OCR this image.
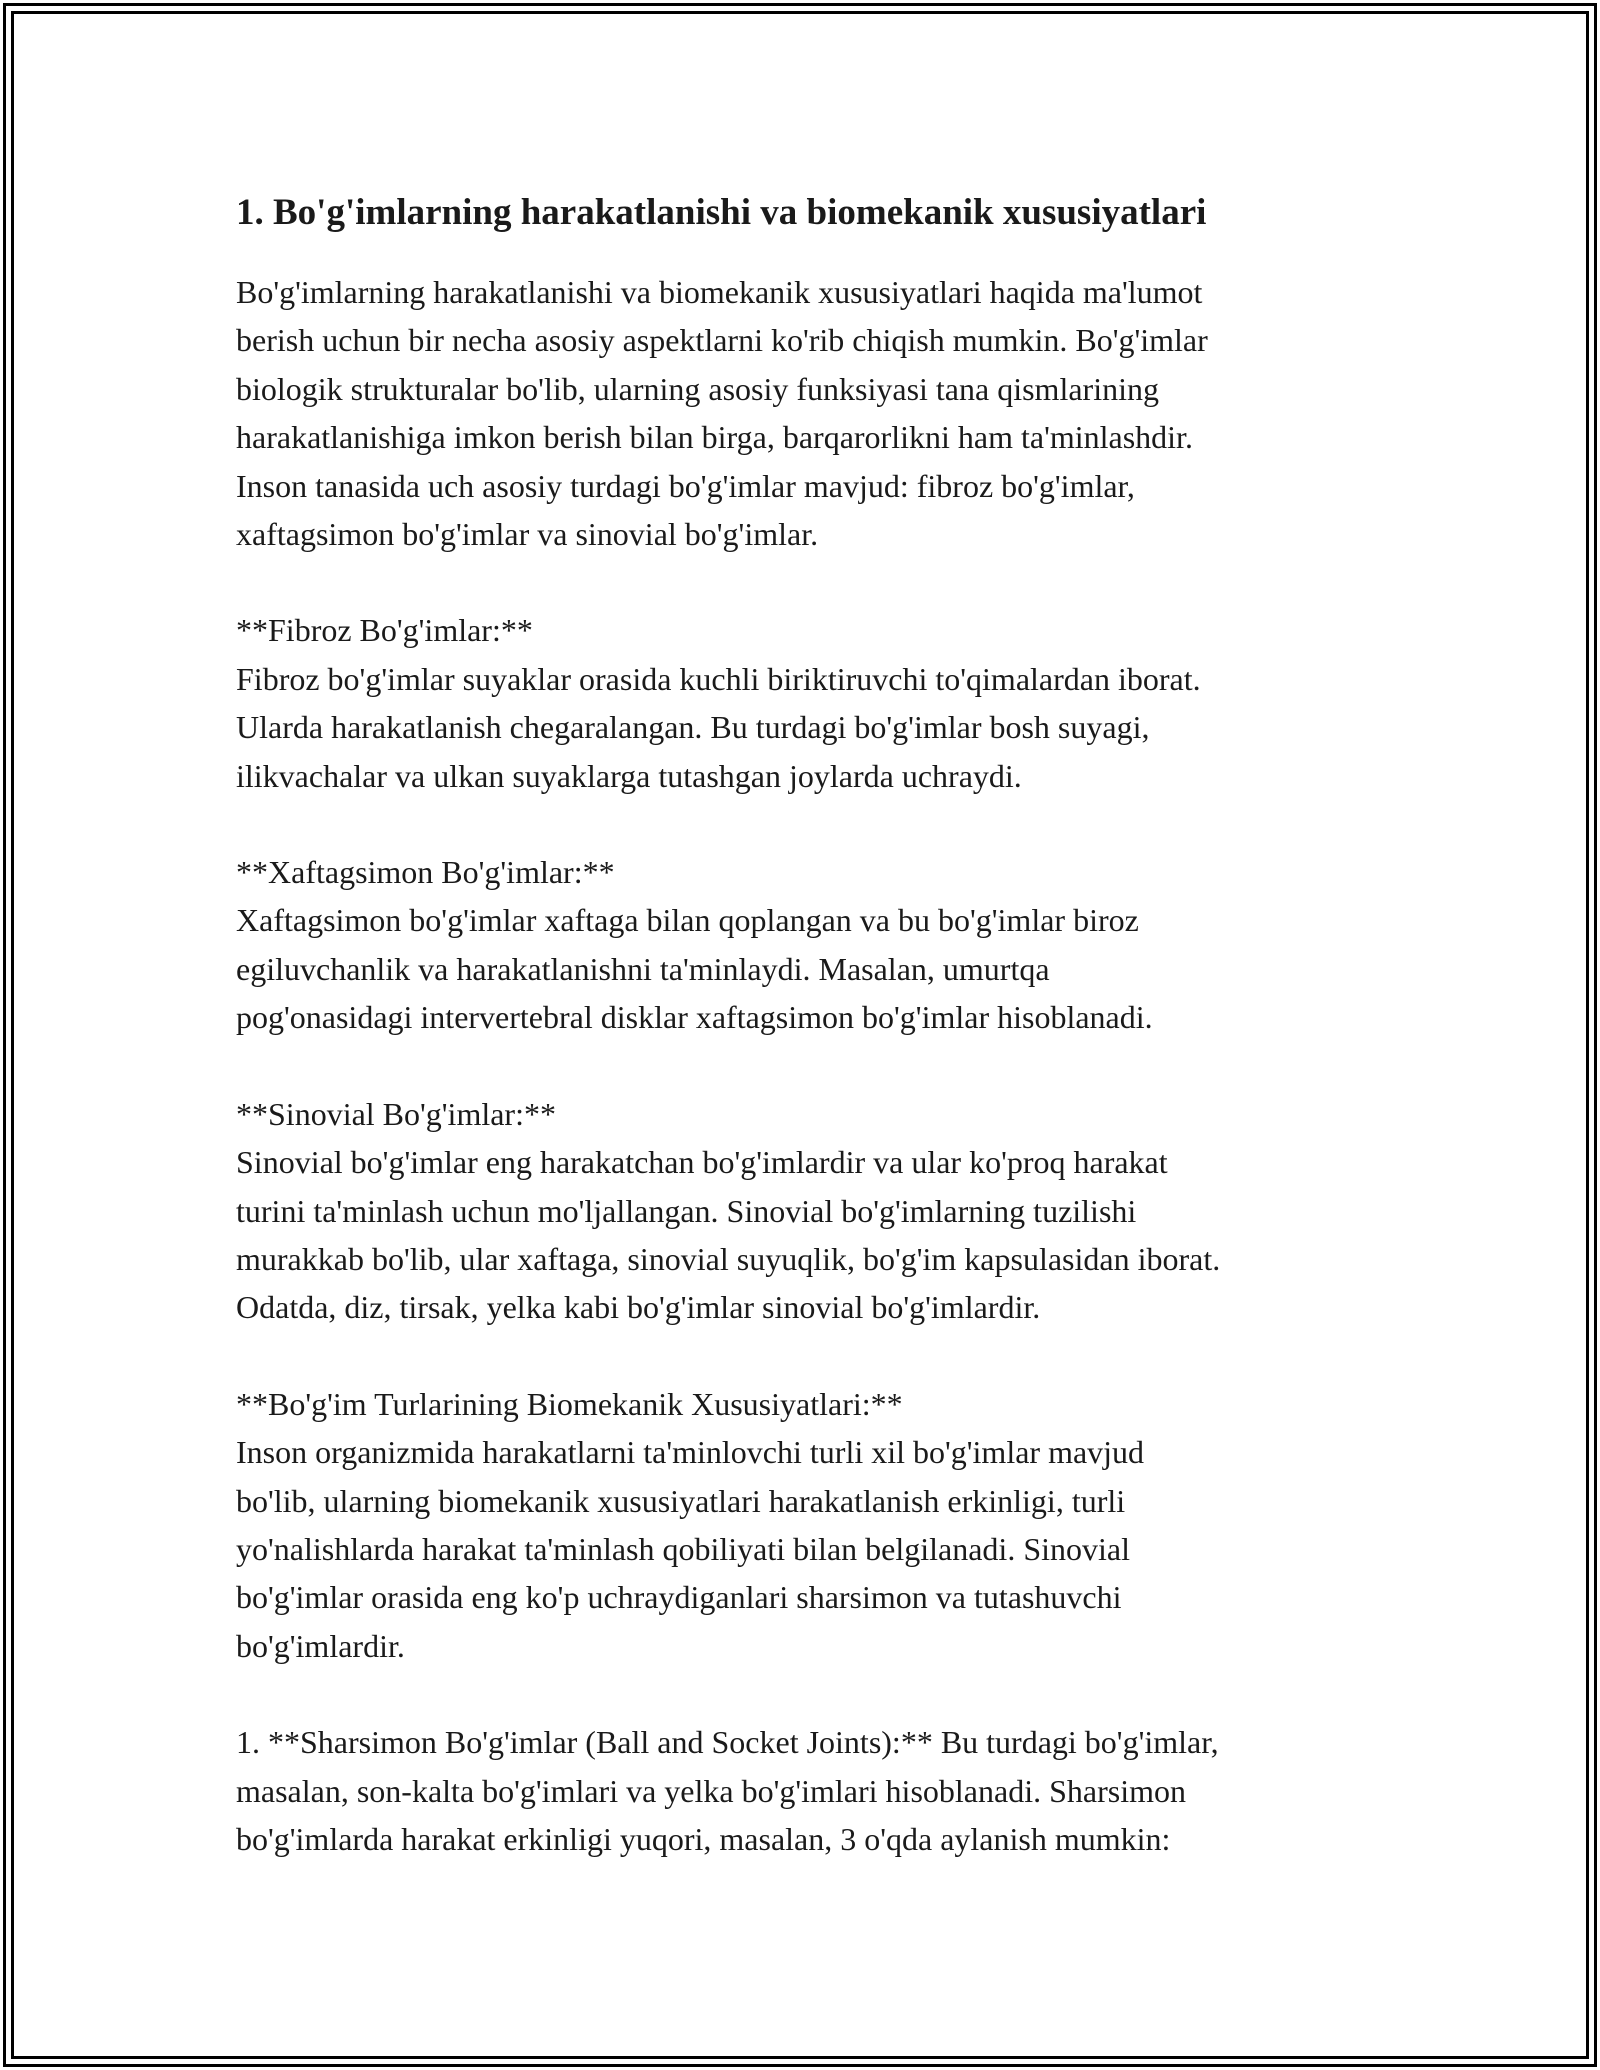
1. Bo'g'imlarning harakatlanishi va biomekanik xususiyatlari

Bo'g'imlarning harakatlanishi va biomekanik xususiyatlari haqida ma'lumot
berish uchun bir necha asosiy aspektlarni ko'rib chiqish mumkin. Bo'g'imlar
biologik strukturalar bo'lib, ularning asosiy funksiyasi tana qismlarining
harakatlanishiga imkon berish bilan birga, barqarorlikni ham ta'minlashdir.
Inson tanasida uch asosiy turdagi bo'g'imlar mavjud: fibroz bo'g'imlar,
xaftagsimon bo'g'imlar va sinovial bo'g'imlar.

**Fibroz Bo'g'imlar:**
Fibroz bo'g'imlar suyaklar orasida kuchli biriktiruvchi to'qimalardan iborat.
Ularda harakatlanish chegaralangan. Bu turdagi bo'g'imlar bosh suyagi,
ilikvachalar va ulkan suyaklarga tutashgan joylarda uchraydi.

**Xaftagsimon Bo'g'imlar:**
Xaftagsimon bo'g'imlar xaftaga bilan qoplangan va bu bo'g'imlar biroz
egiluvchanlik va harakatlanishni ta'minlaydi. Masalan, umurtqa
pog'onasidagi intervertebral disklar xaftagsimon bo'g'imlar hisoblanadi.

**Sinovial Bo'g'imlar:**
Sinovial bo'g'imlar eng harakatchan bo'g'imlardir va ular ko'proq harakat
turini ta'minlash uchun mo'ljallangan. Sinovial bo'g'imlarning tuzilishi
murakkab bo'lib, ular xaftaga, sinovial suyuqlik, bo'g'im kapsulasidan iborat.
Odatda, diz, tirsak, yelka kabi bo'g'imlar sinovial bo'g'imlardir.

**Bo'g'im Turlarining Biomekanik Xususiyatlari:**
Inson organizmida harakatlarni ta'minlovchi turli xil bo'g'imlar mavjud
bo'lib, ularning biomekanik xususiyatlari harakatlanish erkinligi, turli
yo'nalishlarda harakat ta'minlash qobiliyati bilan belgilanadi. Sinovial
bo'g'imlar orasida eng ko'p uchraydiganlari sharsimon va tutashuvchi
bo'g'imlardir.

1. **Sharsimon Bo'g'imlar (Ball and Socket Joints):** Bu turdagi bo'g'imlar,
masalan, son-kalta bo'g'imlari va yelka bo'g'imlari hisoblanadi. Sharsimon
bo'g'imlarda harakat erkinligi yuqori, masalan, 3 o'qda aylanish mumkin:
